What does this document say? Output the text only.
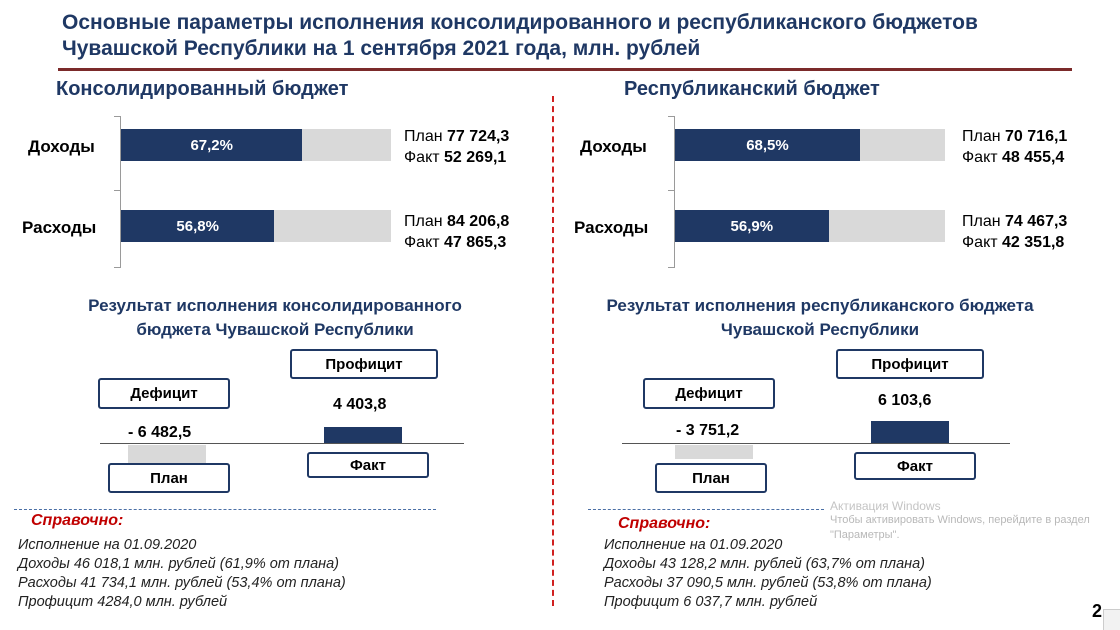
Основные параметры исполнения консолидированного и республиканского бюджетов Чувашской Республики на 1 сентября 2021 года, млн. рублей
Консолидированный бюджет
Доходы
Расходы
67,2%
56,8%
План 77 724,3
Факт 52 269,1
План 84 206,8
Факт 47 865,3
Результат исполнения консолидированного бюджета Чувашской Республики
Профицит
Дефицит
4 403,8
- 6 482,5
Факт
План
Справочно:
Исполнение на 01.09.2020
Доходы 46 018,1 млн. рублей (61,9% от плана)
Расходы 41 734,1 млн. рублей (53,4% от плана)
Профицит 4284,0 млн. рублей
Республиканский бюджет
Доходы
Расходы
68,5%
56,9%
План 70 716,1
Факт 48 455,4
План 74 467,3
Факт 42 351,8
Результат исполнения республиканского бюджета Чувашской Республики
Профицит
Дефицит	6 103,6
- 3 751,2
Факт
План
Справочно:
Исполнение на 01.09.2020
Доходы 43 128,2 млн. рублей (63,7% от плана)
Расходы 37 090,5 млн. рублей (53,8% от плана)
Профицит 6 037,7 млн. рублей
Активация Windows
Чтобы активировать Windows, перейдите в раздел
"Параметры".
2
